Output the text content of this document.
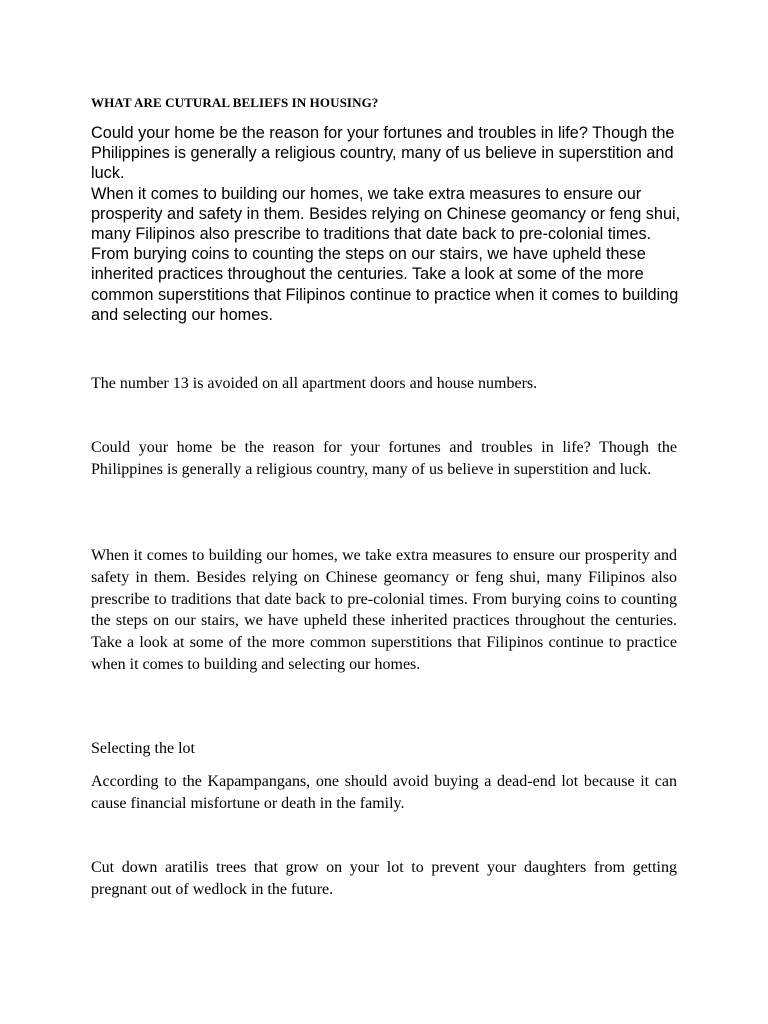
WHAT ARE CUTURAL BELIEFS IN HOUSING?

Could your home be the reason for your fortunes and troubles in life? Though the Philippines is generally a religious country, many of us believe in superstition and luck.

When it comes to building our homes, we take extra measures to ensure our prosperity and safety in them. Besides relying on Chinese geomancy or feng shui, many Filipinos also prescribe to traditions that date back to pre-colonial times. From burying coins to counting the steps on our stairs, we have upheld these inherited practices throughout the centuries. Take a look at some of the more common superstitions that Filipinos continue to practice when it comes to building and selecting our homes.

The number 13 is avoided on all apartment doors and house numbers.

Could your home be the reason for your fortunes and troubles in life? Though the Philippines is generally a religious country, many of us believe in superstition and luck.

When it comes to building our homes, we take extra measures to ensure our prosperity and safety in them. Besides relying on Chinese geomancy or feng shui, many Filipinos also prescribe to traditions that date back to pre-colonial times. From burying coins to counting the steps on our stairs, we have upheld these inherited practices throughout the centuries. Take a look at some of the more common superstitions that Filipinos continue to practice when it comes to building and selecting our homes.

Selecting the lot

According to the Kapampangans, one should avoid buying a dead-end lot because it can cause financial misfortune or death in the family.

Cut down aratilis trees that grow on your lot to prevent your daughters from getting pregnant out of wedlock in the future.
